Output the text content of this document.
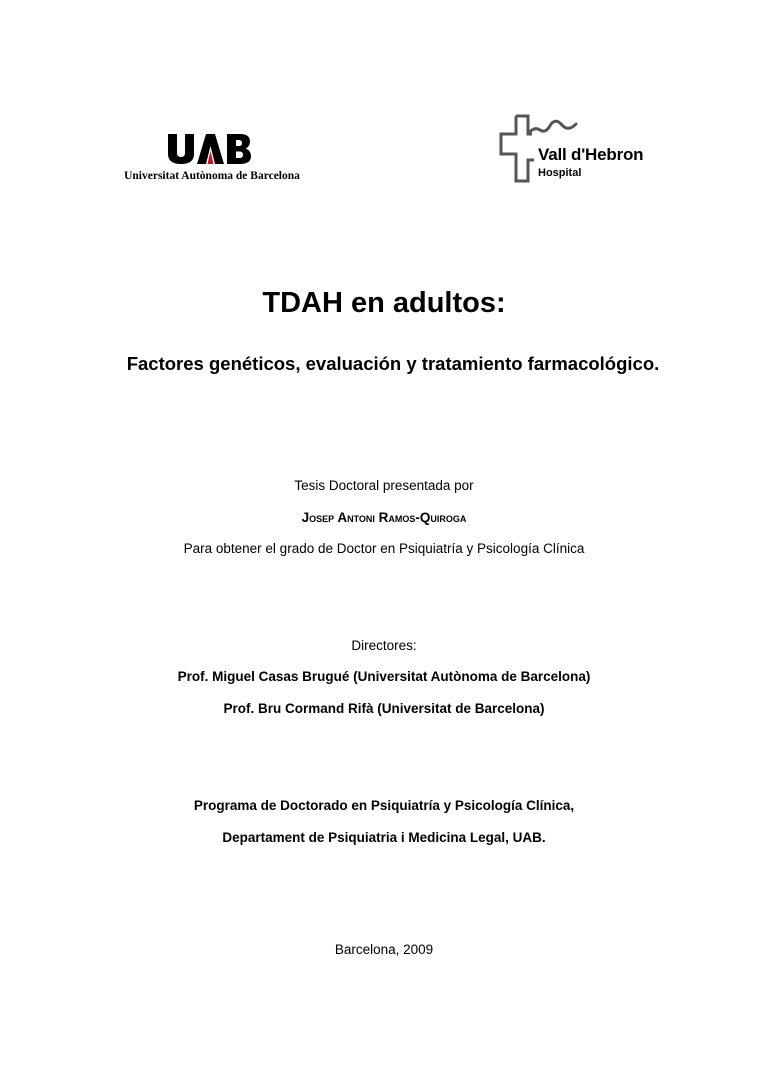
Universitat Autònoma de Barcelona
Vall d'Hebron
Hospital
TDAH en adultos:
Factores genéticos, evaluación y tratamiento farmacológico.
Tesis Doctoral presentada por
Josep Antoni Ramos-Quiroga
Para obtener el grado de Doctor en Psiquiatría y Psicología Clínica
Directores:
Prof. Miguel Casas Brugué (Universitat Autònoma de Barcelona)
Prof. Bru Cormand Rifà (Universitat de Barcelona)
Programa de Doctorado en Psiquiatría y Psicología Clínica,
Departament de Psiquiatria i Medicina Legal, UAB.
Barcelona, 2009
